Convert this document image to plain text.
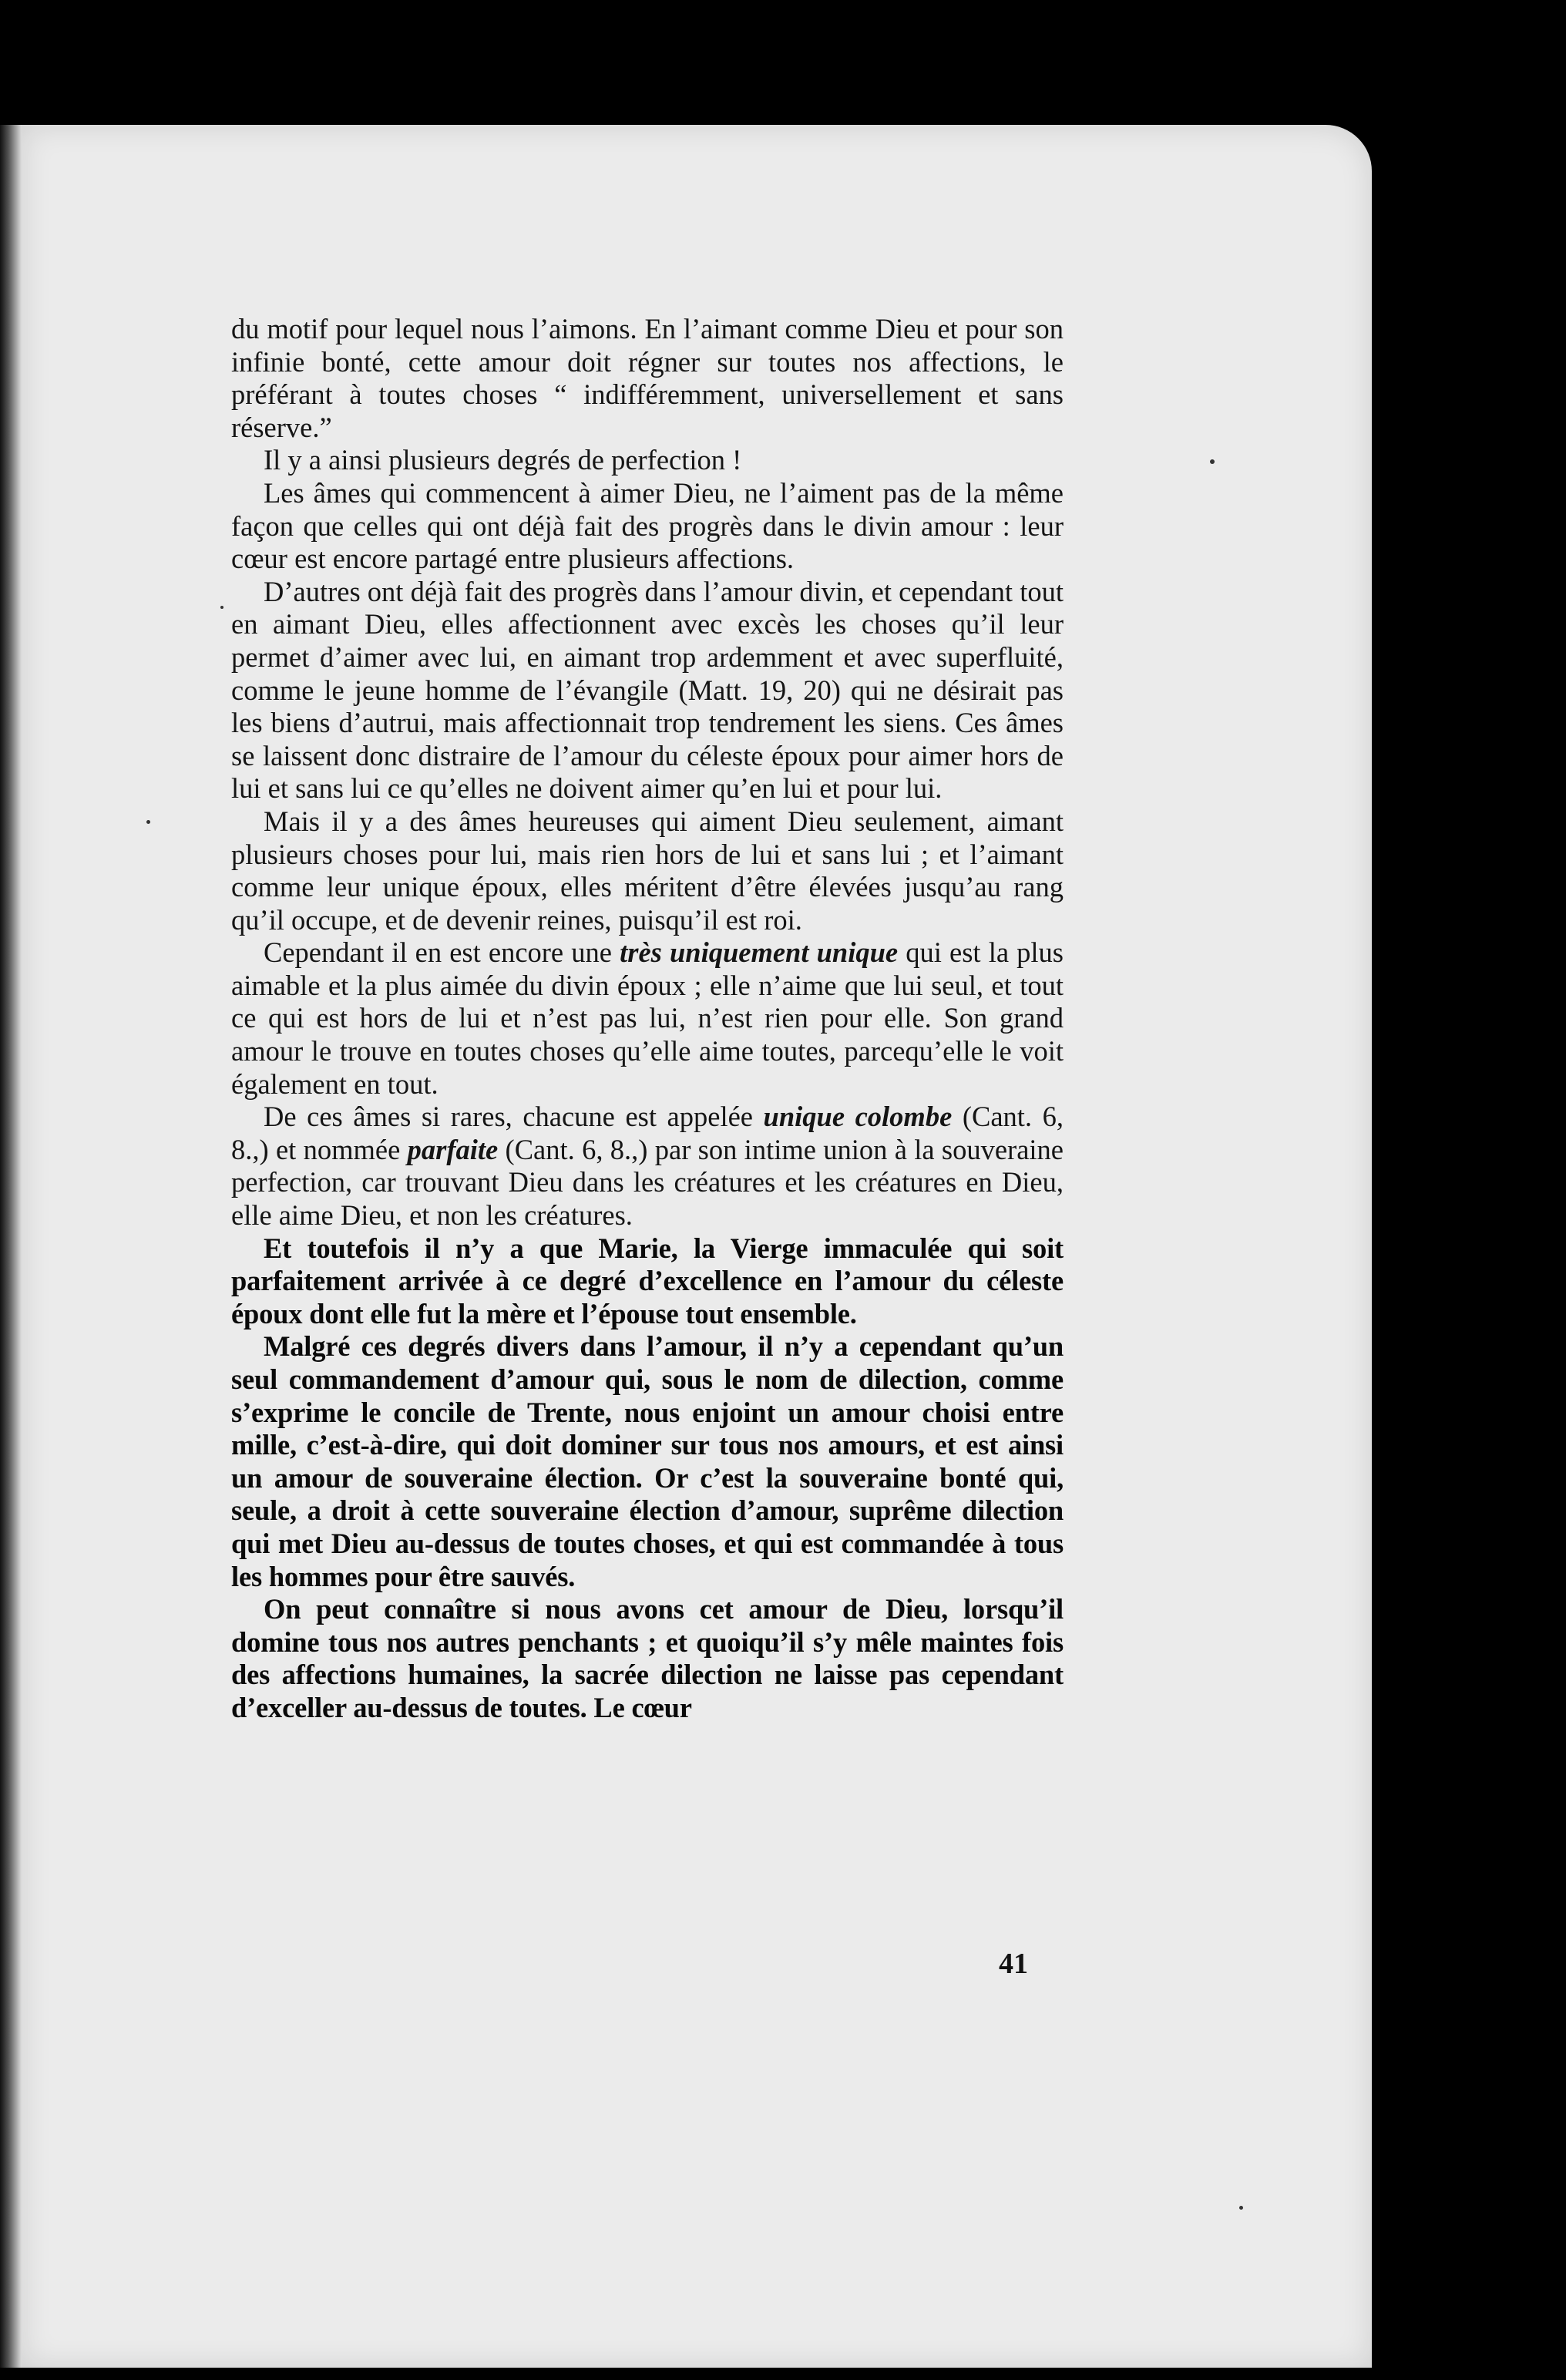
du motif pour lequel nous l’aimons. En l’aimant comme Dieu et pour son infinie bonté, cette amour doit régner sur toutes nos affections, le préférant à toutes choses “ indifféremment, universellement et sans réserve.”

Il y a ainsi plusieurs degrés de perfection !

Les âmes qui commencent à aimer Dieu, ne l’aiment pas de la même façon que celles qui ont déjà fait des progrès dans le divin amour : leur cœur est encore partagé entre plusieurs affections.

D’autres ont déjà fait des progrès dans l’amour divin, et cependant tout en aimant Dieu, elles affectionnent avec excès les choses qu’il leur permet d’aimer avec lui, en aimant trop ardemment et avec superfluité, comme le jeune homme de l’évangile (Matt. 19, 20) qui ne désirait pas les biens d’autrui, mais affectionnait trop tendrement les siens. Ces âmes se laissent donc distraire de l’amour du céleste époux pour aimer hors de lui et sans lui ce qu’elles ne doivent aimer qu’en lui et pour lui.

Mais il y a des âmes heureuses qui aiment Dieu seulement, aimant plusieurs choses pour lui, mais rien hors de lui et sans lui ; et l’aimant comme leur unique époux, elles méritent d’être élevées jusqu’au rang qu’il occupe, et de devenir reines, puisqu’il est roi.

Cependant il en est encore une très uniquement unique qui est la plus aimable et la plus aimée du divin époux ; elle n’aime que lui seul, et tout ce qui est hors de lui et n’est pas lui, n’est rien pour elle. Son grand amour le trouve en toutes choses qu’elle aime toutes, parcequ’elle le voit également en tout.

De ces âmes si rares, chacune est appelée unique colombe (Cant. 6, 8.,) et nommée parfaite (Cant. 6, 8.,) par son intime union à la souveraine perfection, car trouvant Dieu dans les créatures et les créatures en Dieu, elle aime Dieu, et non les créatures.

Et toutefois il n’y a que Marie, la Vierge immaculée qui soit parfaitement arrivée à ce degré d’excellence en l’amour du céleste époux dont elle fut la mère et l’épouse tout ensemble.

Malgré ces degrés divers dans l’amour, il n’y a cependant qu’un seul commandement d’amour qui, sous le nom de dilection, comme s’exprime le concile de Trente, nous enjoint un amour choisi entre mille, c’est-à-dire, qui doit dominer sur tous nos amours, et est ainsi un amour de souveraine élection. Or c’est la souveraine bonté qui, seule, a droit à cette souveraine élection d’amour, suprême dilection qui met Dieu au-dessus de toutes choses, et qui est commandée à tous les hommes pour être sauvés.

On peut connaître si nous avons cet amour de Dieu, lorsqu’il domine tous nos autres penchants ; et quoiqu’il s’y mêle maintes fois des affections humaines, la sacrée dilection ne laisse pas cependant d’exceller au-dessus de toutes. Le cœur

41
